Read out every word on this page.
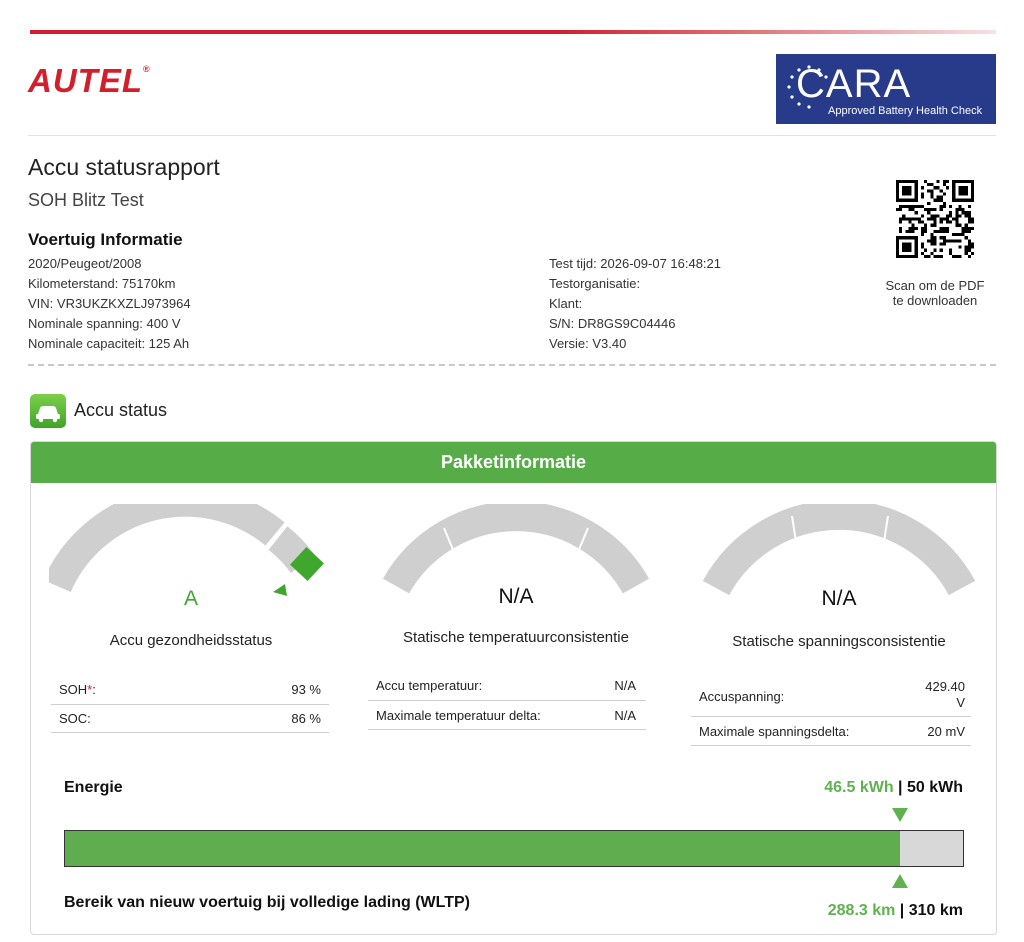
AUTEL®	CARA
Approved Battery Health Check
Accu statusrapport
SOH Blitz Test
Voertuig Informatie
2020/Peugeot/2008
Kilometerstand: 75170km
VIN: VR3UKZKXZLJ973964
Nominale spanning: 400 V
Nominale capaciteit: 125 Ah
Test tijd: 2026-09-07 16:48:21
Testorganisatie:
Klant:
S/N: DR8GS9C04446
Versie: V3.40
Scan om de PDF
te downloaden
Accu status
Pakketinformatie
A
Accu gezondheidsstatus
SOH*:	93 %
SOC:	86 %
N/A
Statische temperatuurconsistentie
Accu temperatuur:	N/A
Maximale temperatuur delta:	N/A
N/A
Statische spanningsconsistentie
Accuspanning:
429.40
V
Maximale spanningsdelta:	20 mV
Energie	46.5 kWh | 50 kWh
Bereik van nieuw voertuig bij volledige lading (WLTP)	288.3 km | 310 km
